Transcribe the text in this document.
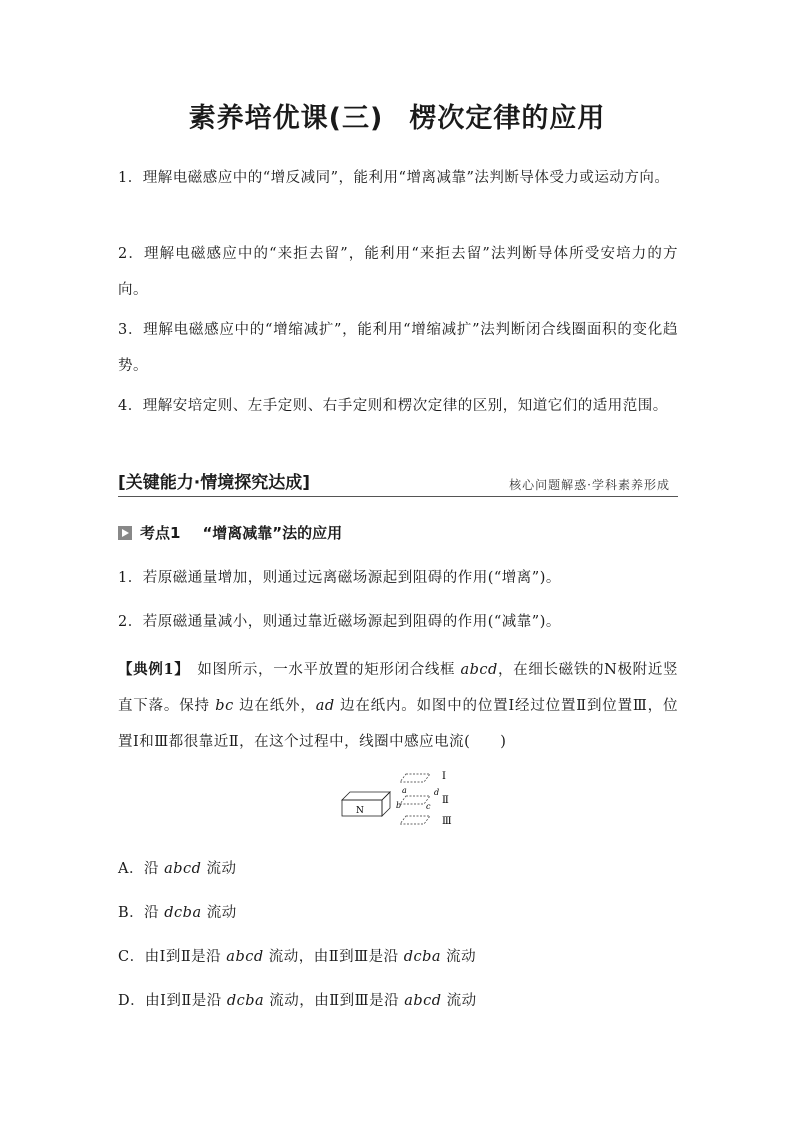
素养培优课(三) 楞次定律的应用
1．理解电磁感应中的“增反减同”，能利用“增离减靠”法判断导体受力或运动方向。
2．理解电磁感应中的“来拒去留”，能利用“来拒去留”法判断导体所受安培力的方向。
3．理解电磁感应中的“增缩减扩”，能利用“增缩减扩”法判断闭合线圈面积的变化趋势。
4．理解安培定则、左手定则、右手定则和楞次定律的区别，知道它们的适用范围。
[关键能力·情境探究达成]	核心问题解惑·学科素养形成
考点1 “增离减靠”法的应用
1．若原磁通量增加，则通过远离磁场源起到阻碍的作用(“增离”)。
2．若原磁通量减小，则通过靠近磁场源起到阻碍的作用(“减靠”)。
【典例1】　如图所示，一水平放置的矩形闭合线框 abcd，在细长磁铁的N极附近竖直下落。保持 bc 边在纸外，ad 边在纸内。如图中的位置Ⅰ经过位置Ⅱ到位置Ⅲ，位置Ⅰ和Ⅲ都很靠近Ⅱ，在这个过程中，线圈中感应电流(　　)
N
a	d
b	c
Ⅰ
Ⅱ
Ⅲ
A．沿 abcd 流动
B．沿 dcba 流动
C．由Ⅰ到Ⅱ是沿 abcd 流动，由Ⅱ到Ⅲ是沿 dcba 流动
D．由Ⅰ到Ⅱ是沿 dcba 流动，由Ⅱ到Ⅲ是沿 abcd 流动
